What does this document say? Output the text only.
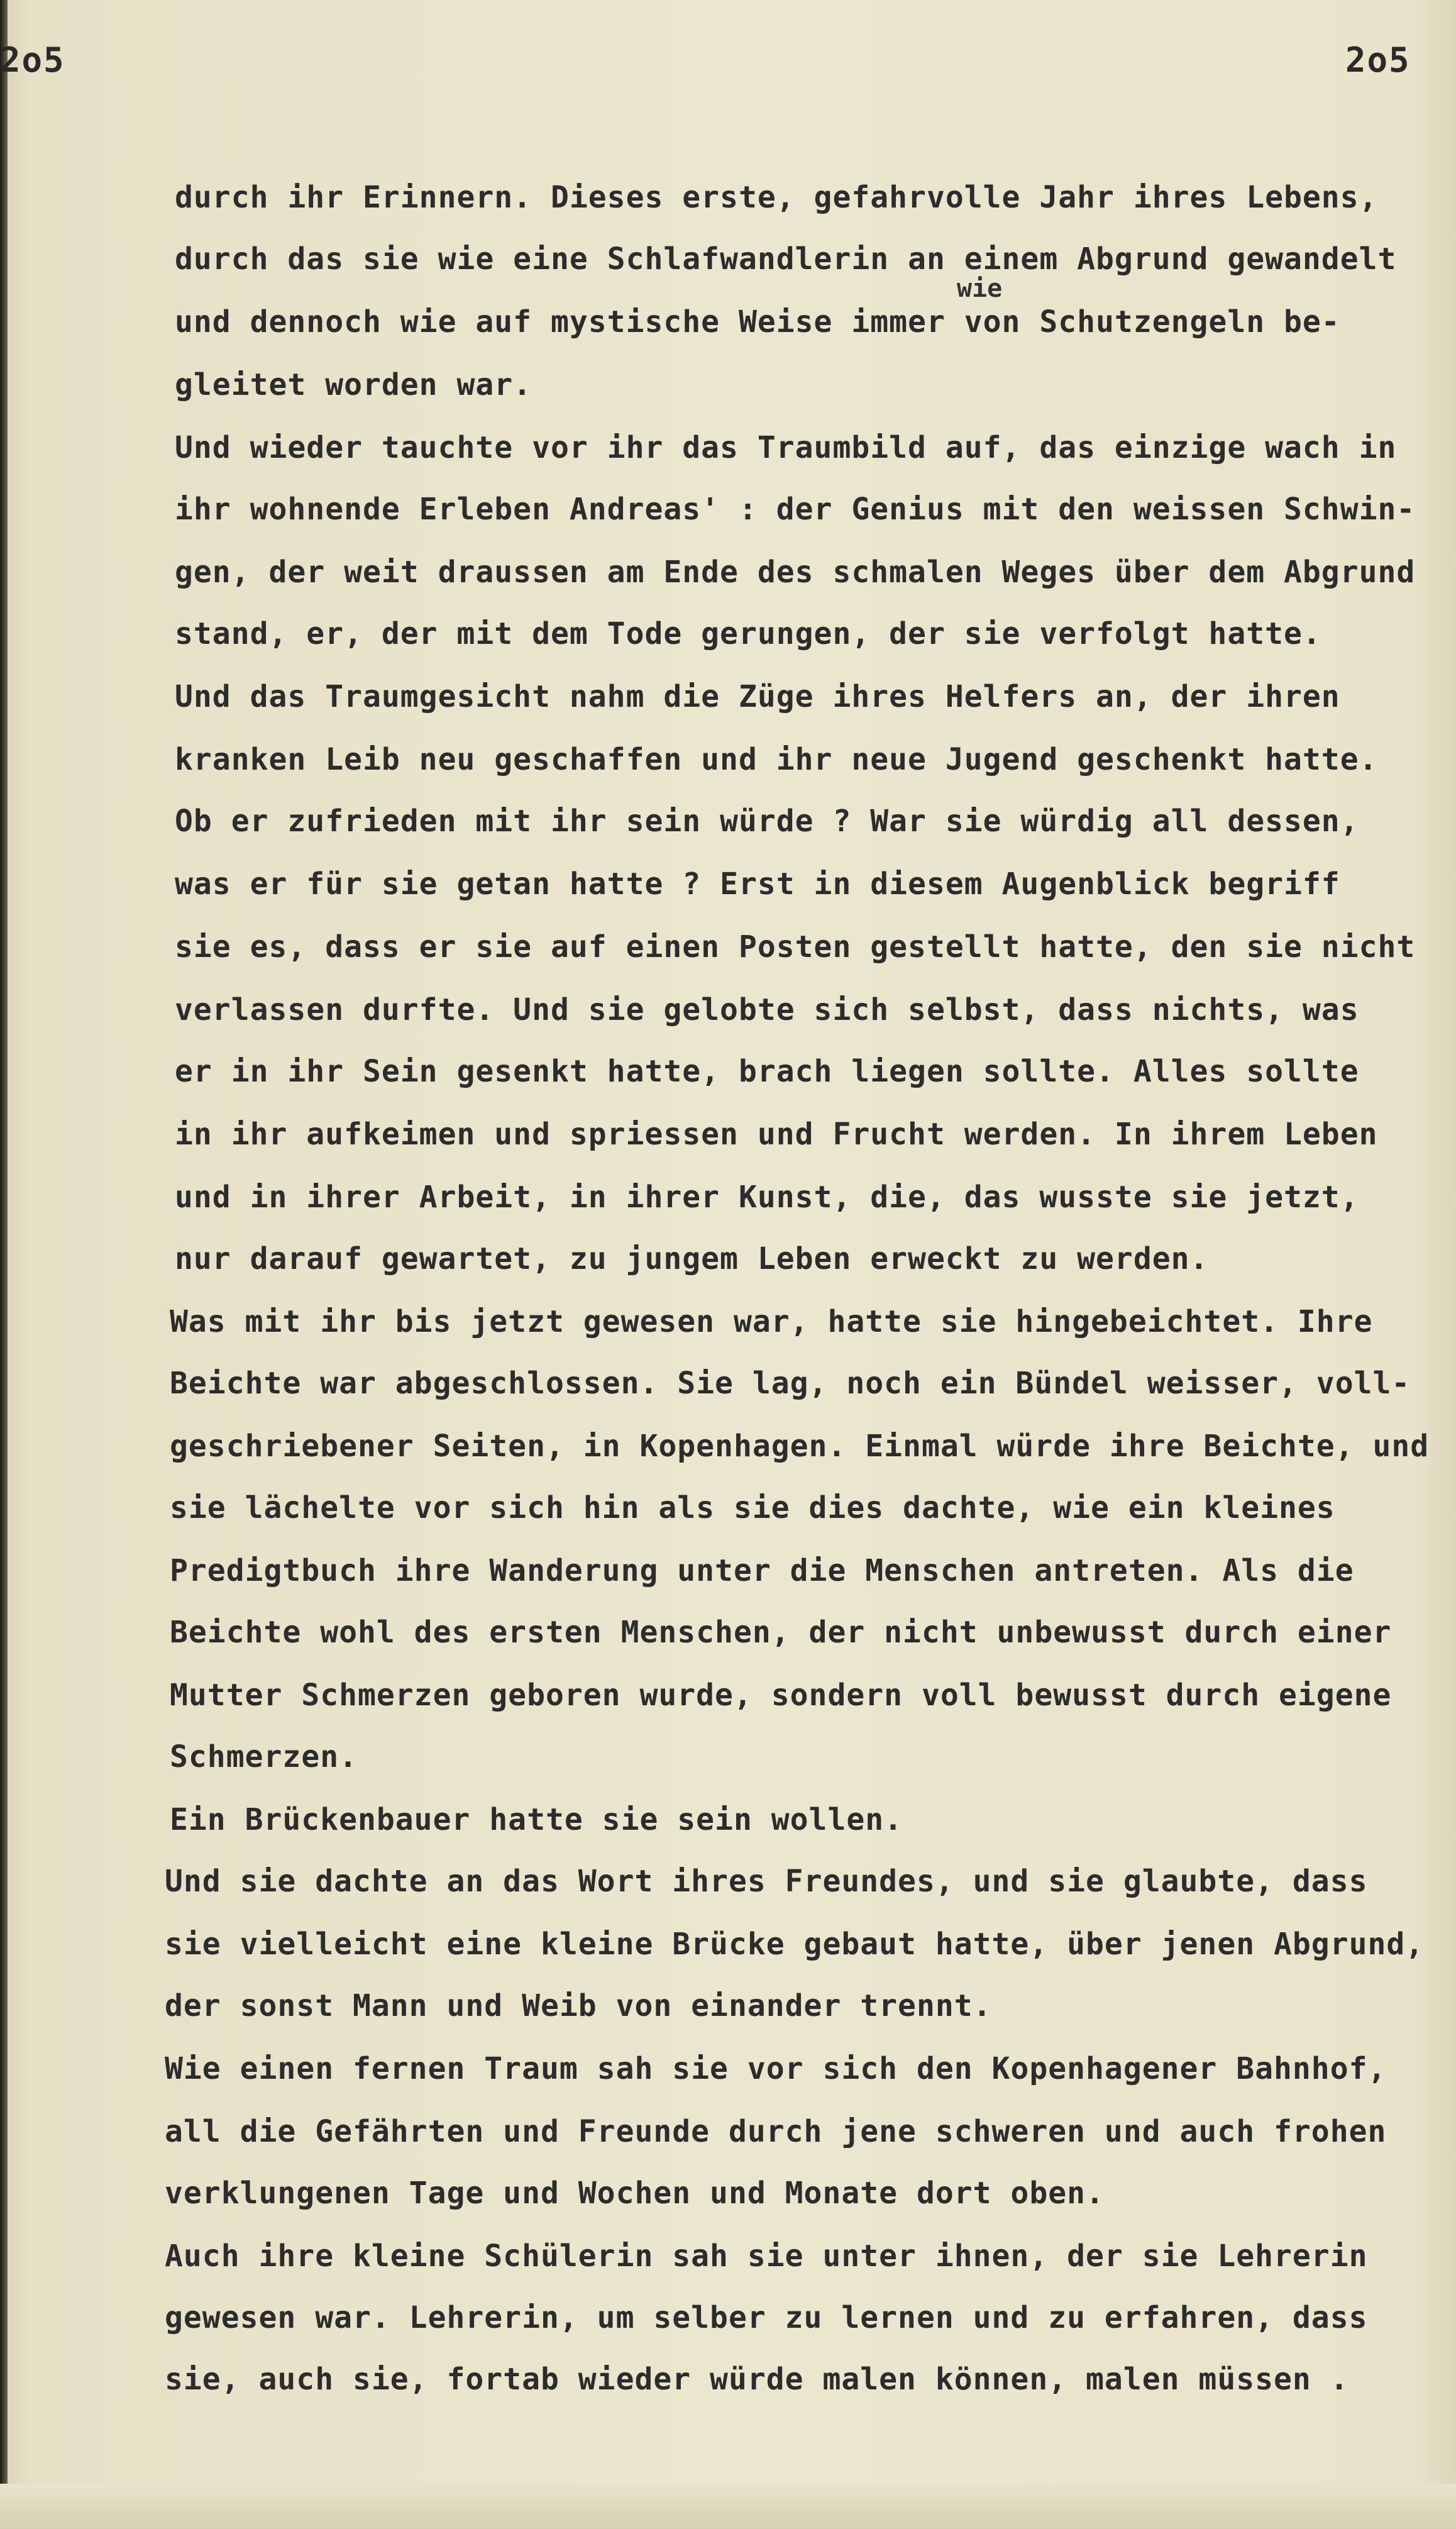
2o5	2o5
durch ihr Erinnern. Dieses erste, gefahrvolle Jahr ihres Lebens,
durch das sie wie eine Schlafwandlerin an einem Abgrund gewandelt
wie
und dennoch wie auf mystische Weise immer von Schutzengeln be-
gleitet worden war.
Und wieder tauchte vor ihr das Traumbild auf, das einzige wach in
ihr wohnende Erleben Andreas' : der Genius mit den weissen Schwin-
gen, der weit draussen am Ende des schmalen Weges über dem Abgrund
stand, er, der mit dem Tode gerungen, der sie verfolgt hatte.
Und das Traumgesicht nahm die Züge ihres Helfers an, der ihren
kranken Leib neu geschaffen und ihr neue Jugend geschenkt hatte.
Ob er zufrieden mit ihr sein würde ? War sie würdig all dessen,
was er für sie getan hatte ? Erst in diesem Augenblick begriff
sie es, dass er sie auf einen Posten gestellt hatte, den sie nicht
verlassen durfte. Und sie gelobte sich selbst, dass nichts, was
er in ihr Sein gesenkt hatte, brach liegen sollte. Alles sollte
in ihr aufkeimen und spriessen und Frucht werden. In ihrem Leben
und in ihrer Arbeit, in ihrer Kunst, die, das wusste sie jetzt,
nur darauf gewartet, zu jungem Leben erweckt zu werden.
Was mit ihr bis jetzt gewesen war, hatte sie hingebeichtet. Ihre
Beichte war abgeschlossen. Sie lag, noch ein Bündel weisser, voll-
geschriebener Seiten, in Kopenhagen. Einmal würde ihre Beichte, und
sie lächelte vor sich hin als sie dies dachte, wie ein kleines
Predigtbuch ihre Wanderung unter die Menschen antreten. Als die
Beichte wohl des ersten Menschen, der nicht unbewusst durch einer
Mutter Schmerzen geboren wurde, sondern voll bewusst durch eigene
Schmerzen.
Ein Brückenbauer hatte sie sein wollen.
Und sie dachte an das Wort ihres Freundes, und sie glaubte, dass
sie vielleicht eine kleine Brücke gebaut hatte, über jenen Abgrund,
der sonst Mann und Weib von einander trennt.
Wie einen fernen Traum sah sie vor sich den Kopenhagener Bahnhof,
all die Gefährten und Freunde durch jene schweren und auch frohen
verklungenen Tage und Wochen und Monate dort oben.
Auch ihre kleine Schülerin sah sie unter ihnen, der sie Lehrerin
gewesen war. Lehrerin, um selber zu lernen und zu erfahren, dass
sie, auch sie, fortab wieder würde malen können, malen müssen .
